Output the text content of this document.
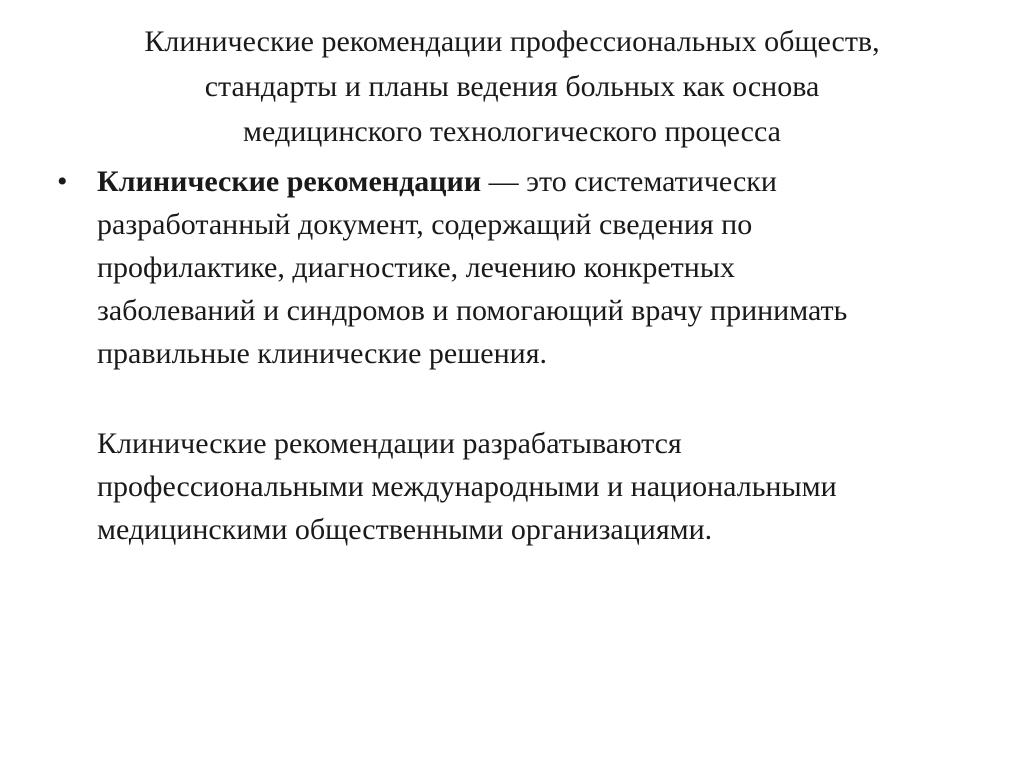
Клинические рекомендации профессиональных обществ,
стандарты и планы ведения больных как основа
медицинского технологического процесса
• Клинические рекомендации — это систематически
разработанный документ, содержащий сведения по
профилактике, диагностике, лечению конкретных
заболеваний и синдромов и помогающий врачу принимать
правильные клинические решения.
Клинические рекомендации разрабатываются
профессиональными международными и национальными
медицинскими общественными организациями.
